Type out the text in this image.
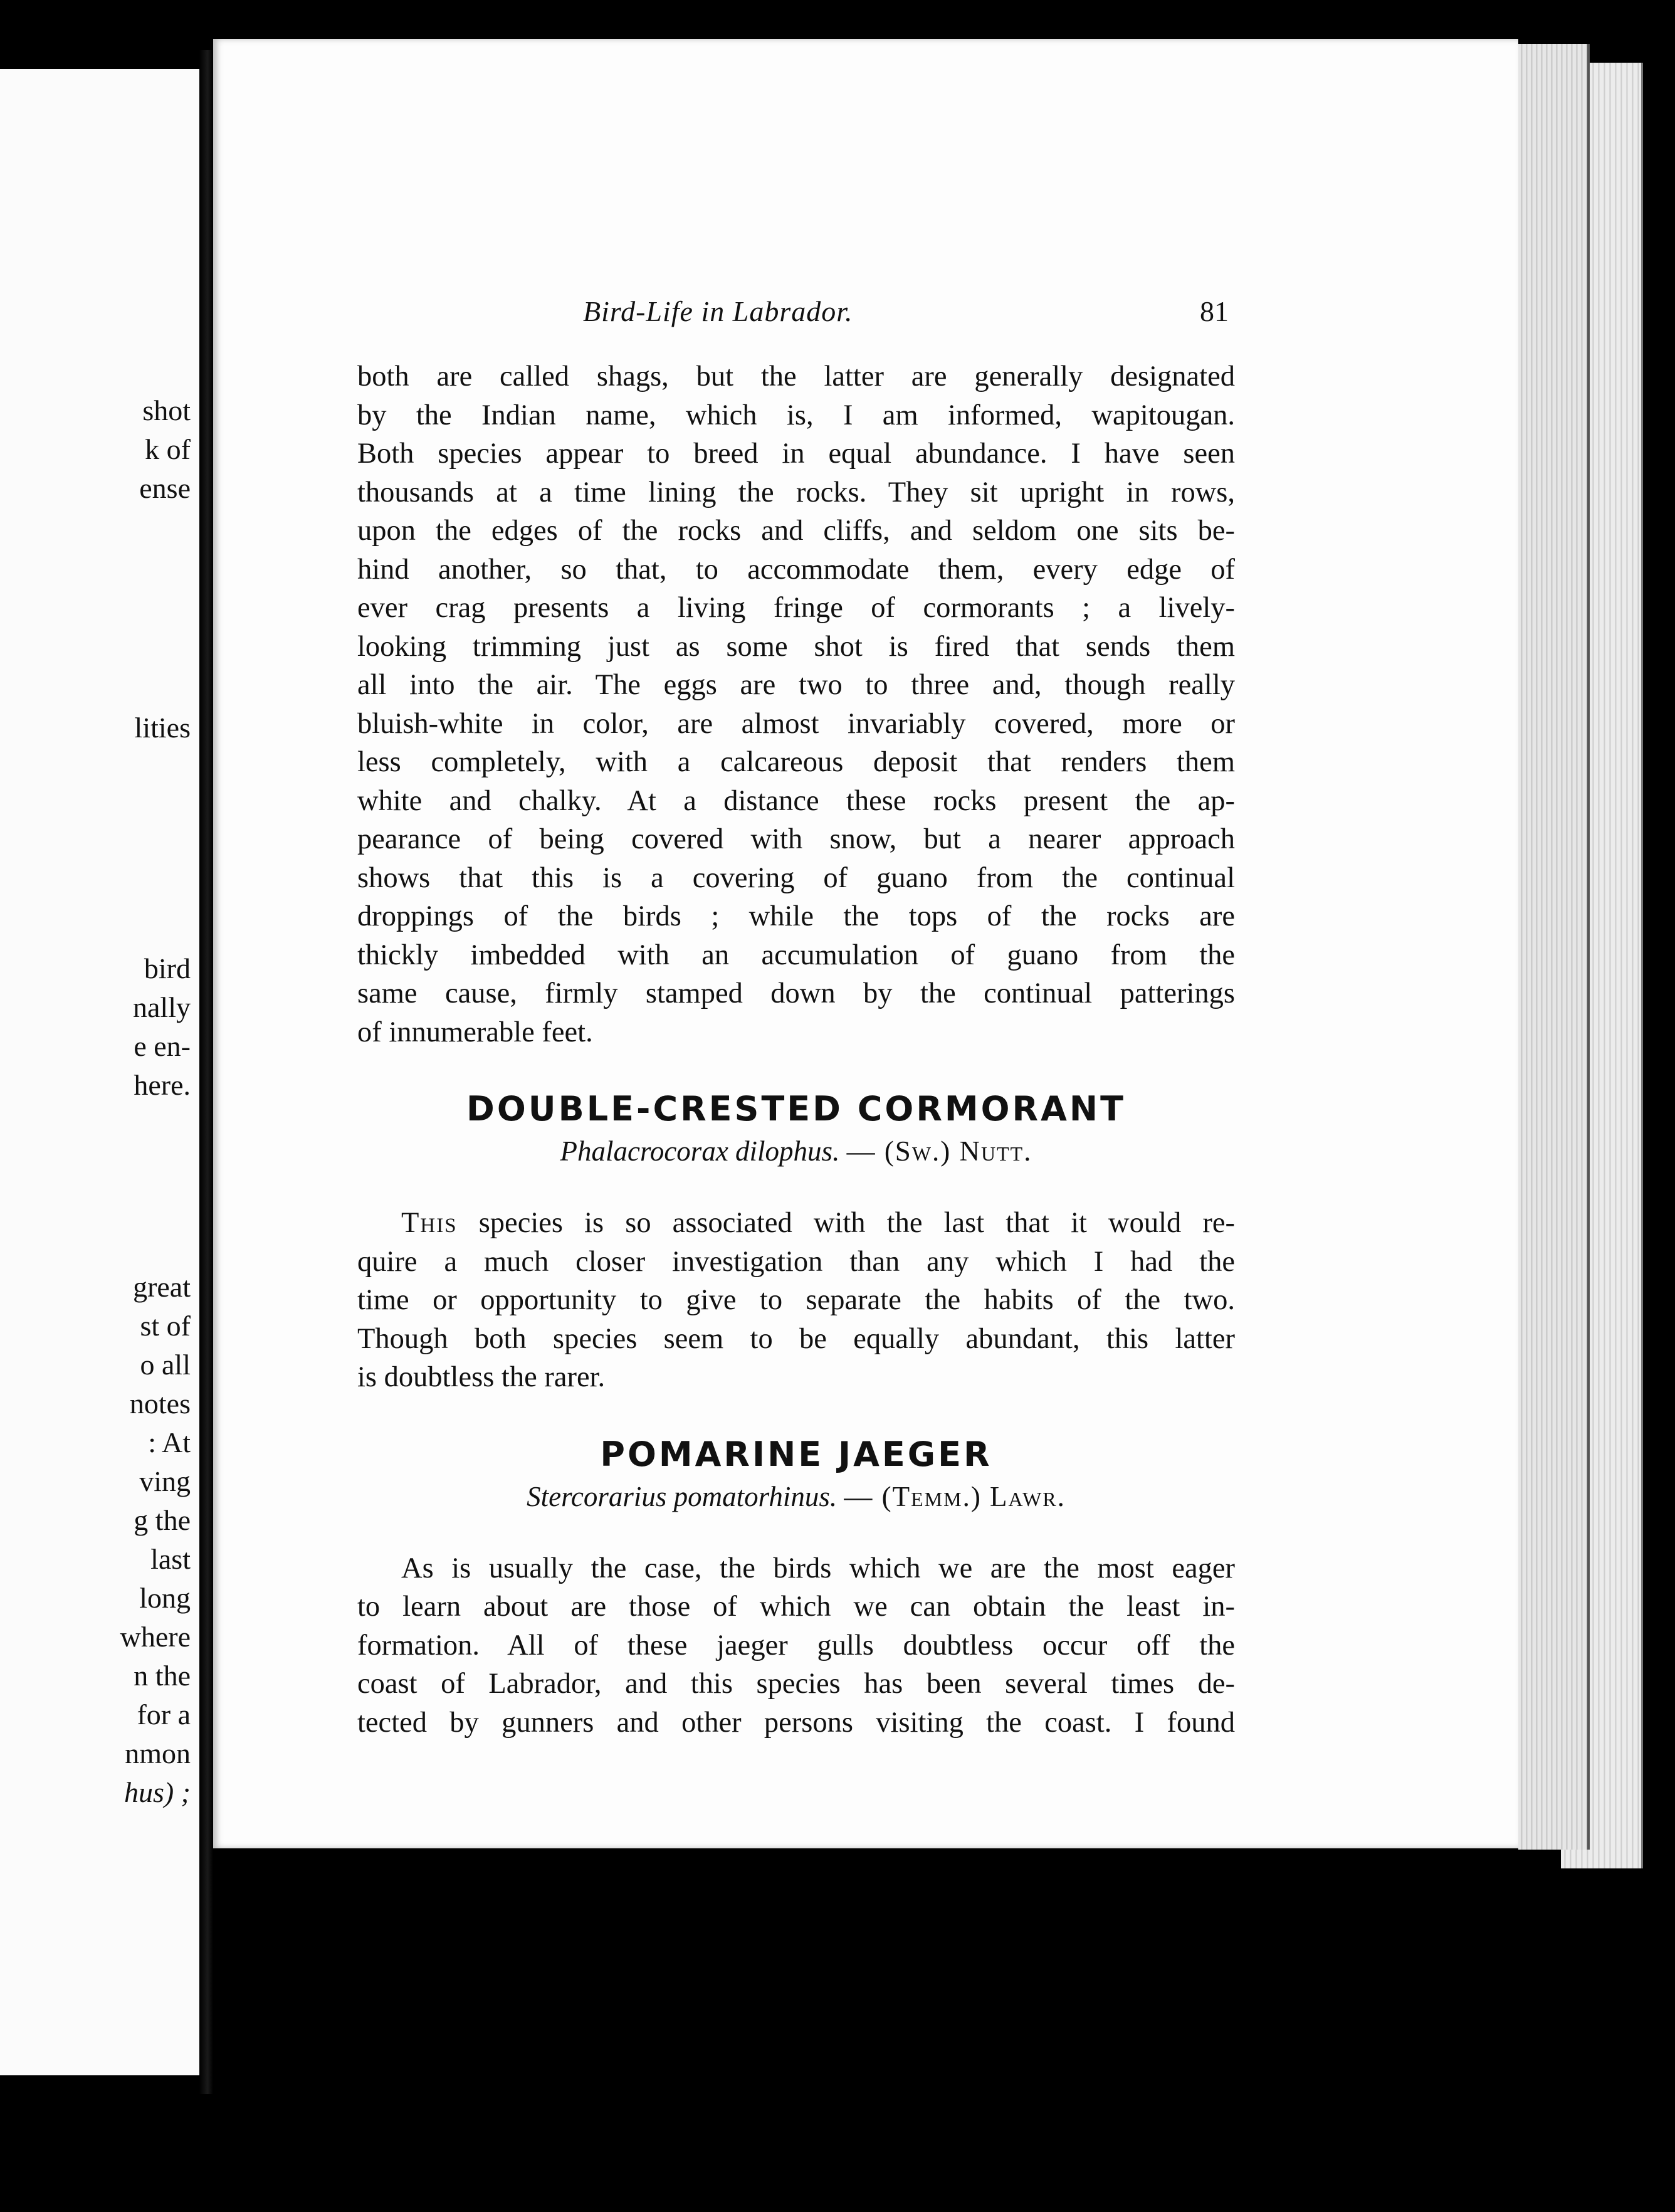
shot
k of
ense
lities
bird
nally
e en-
here.
great
st of
o all
notes
: At
ving
g the
last
long
where
n the
for a
nmon
hus) ;
Bird-Life in Labrador.	81
both are called shags, but the latter are generally designated
by the Indian name, which is, I am informed, wapitougan.
Both species appear to breed in equal abundance. I have seen
thousands at a time lining the rocks. They sit upright in rows,
upon the edges of the rocks and cliffs, and seldom one sits be-
hind another, so that, to accommodate them, every edge of
ever crag presents a living fringe of cormorants ; a lively-
looking trimming just as some shot is fired that sends them
all into the air. The eggs are two to three and, though really
bluish-white in color, are almost invariably covered, more or
less completely, with a calcareous deposit that renders them
white and chalky. At a distance these rocks present the ap-
pearance of being covered with snow, but a nearer approach
shows that this is a covering of guano from the continual
droppings of the birds ; while the tops of the rocks are
thickly imbedded with an accumulation of guano from the
same cause, firmly stamped down by the continual patterings
of innumerable feet.
DOUBLE-CRESTED CORMORANT
Phalacrocorax dilophus. — (Sw.) Nutt.
This species is so associated with the last that it would re-
quire a much closer investigation than any which I had the
time or opportunity to give to separate the habits of the two.
Though both species seem to be equally abundant, this latter
is doubtless the rarer.
POMARINE JAEGER
Stercorarius pomatorhinus. — (Temm.) Lawr.
As is usually the case, the birds which we are the most eager
to learn about are those of which we can obtain the least in-
formation. All of these jaeger gulls doubtless occur off the
coast of Labrador, and this species has been several times de-
tected by gunners and other persons visiting the coast. I found
